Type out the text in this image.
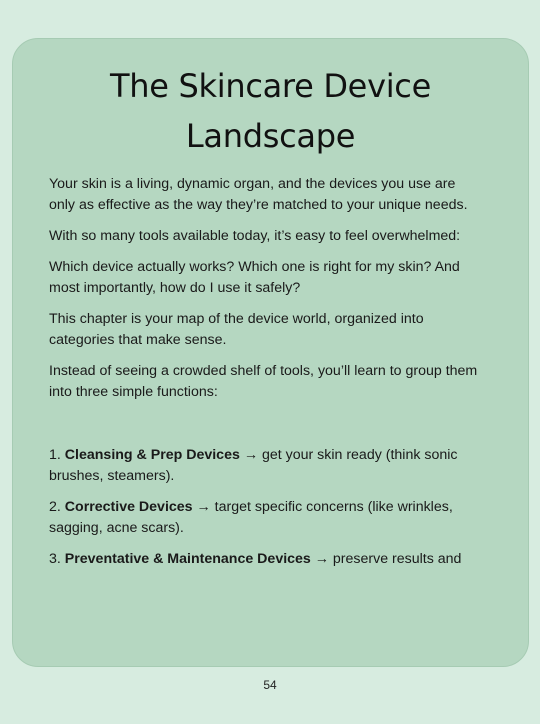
The Skincare Device
Landscape

Your skin is a living, dynamic organ, and the devices you use are only as effective as the way they’re matched to your unique needs.

With so many tools available today, it’s easy to feel overwhelmed:

Which device actually works? Which one is right for my skin? And most importantly, how do I use it safely?

This chapter is your map of the device world, organized into categories that make sense.

Instead of seeing a crowded shelf of tools, you’ll learn to group them into three simple functions:

1. Cleansing & Prep Devices → get your skin ready (think sonic brushes, steamers).

2. Corrective Devices → target specific concerns (like wrinkles, sagging, acne scars).

3. Preventative & Maintenance Devices → preserve results and

54
